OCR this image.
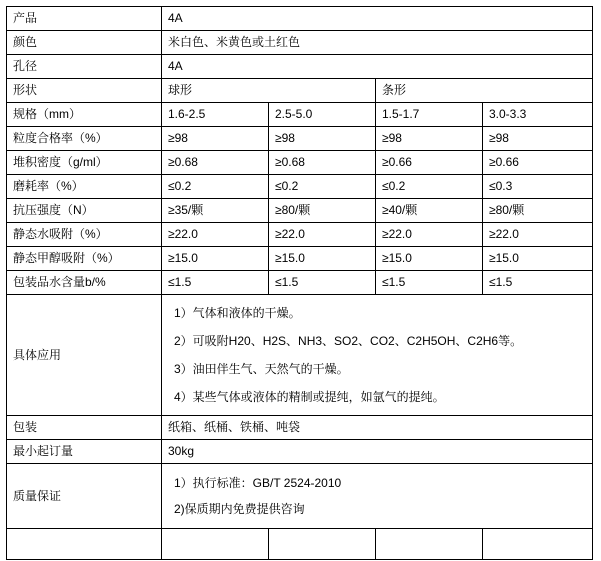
产品	4A			
颜色	米白色、米黄色或土红色			
孔径	4A			
形状	球形		条形	
规格（mm）	1.6-2.5	2.5-5.0	1.5-1.7	3.0-3.3
粒度合格率（%）	≥98	≥98	≥98	≥98
堆积密度（g/ml）	≥0.68	≥0.68	≥0.66	≥0.66
磨耗率（%）	≤0.2	≤0.2	≤0.2	≤0.3
抗压强度（N）	≥35/颗	≥80/颗	≥40/颗	≥80/颗
静态水吸附（%）	≥22.0	≥22.0	≥22.0	≥22.0
静态甲醇吸附（%）	≥15.0	≥15.0	≥15.0	≥15.0
包装品水含量b/%	≤1.5	≤1.5	≤1.5	≤1.5
具体应用	1）气体和液体的干燥。
2）可吸附H20、H2S、NH3、SO2、CO2、C2H5OH、C2H6等。
3）油田伴生气、天然气的干燥。
4）某些气体或液体的精制或提纯，如氩气的提纯。			

包装	纸箱、纸桶、铁桶、吨袋			
最小起订量	30kg			
质量保证	1）执行标准：GB/T 2524-2010
2)保质期内免费提供咨询			
